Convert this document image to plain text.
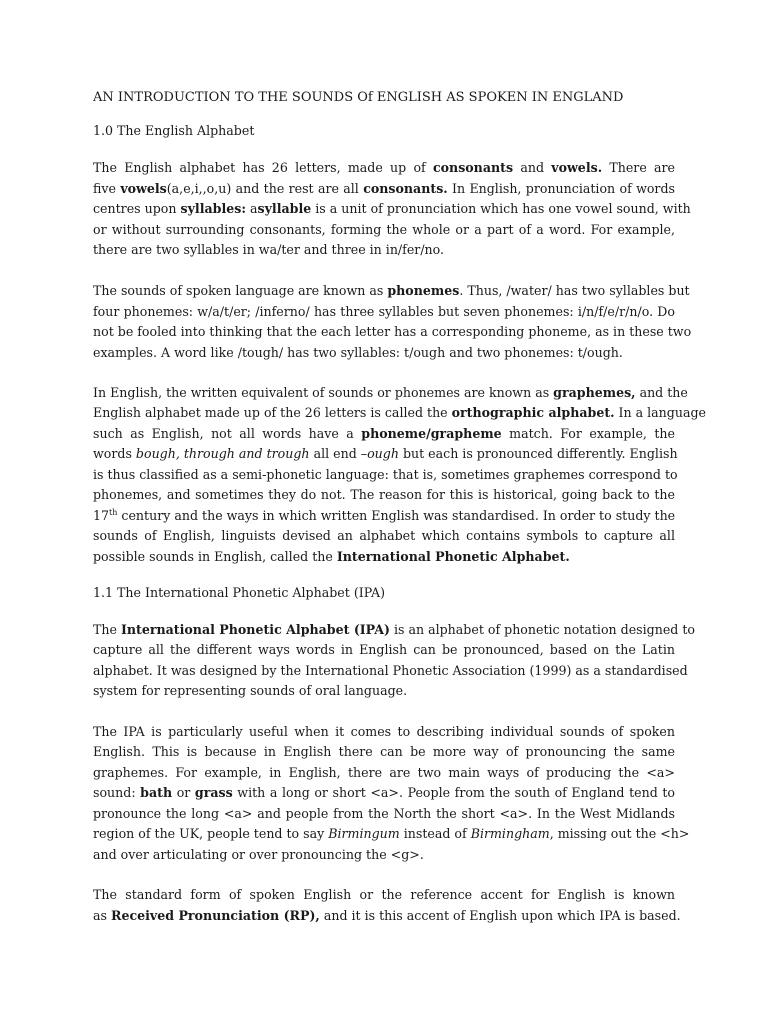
AN INTRODUCTION TO THE SOUNDS Of ENGLISH AS SPOKEN IN ENGLAND
1.0 The English Alphabet
The English alphabet has 26 letters, made up of consonants and vowels. There are
five vowels(a,e,i,,o,u) and the rest are all consonants. In English, pronunciation of words
centres upon syllables: asyllable is a unit of pronunciation which has one vowel sound, with
or without surrounding consonants, forming the whole or a part of a word. For example,
there are two syllables in wa/ter and three in in/fer/no.
The sounds of spoken language are known as phonemes. Thus, /water/ has two syllables but
four phonemes: w/a/t/er; /inferno/ has three syllables but seven phonemes: i/n/f/e/r/n/o. Do
not be fooled into thinking that the each letter has a corresponding phoneme, as in these two
examples. A word like /tough/ has two syllables: t/ough and two phonemes: t/ough.
In English, the written equivalent of sounds or phonemes are known as graphemes, and the
English alphabet made up of the 26 letters is called the orthographic alphabet. In a language
such as English, not all words have a phoneme/grapheme match. For example, the
words bough, through and trough all end –ough but each is pronounced differently. English
is thus classified as a semi-phonetic language: that is, sometimes graphemes correspond to
phonemes, and sometimes they do not. The reason for this is historical, going back to the
17th century and the ways in which written English was standardised. In order to study the
sounds of English, linguists devised an alphabet which contains symbols to capture all
possible sounds in English, called the International Phonetic Alphabet.
1.1 The International Phonetic Alphabet (IPA)
The International Phonetic Alphabet (IPA) is an alphabet of phonetic notation designed to
capture all the different ways words in English can be pronounced, based on the Latin
alphabet. It was designed by the International Phonetic Association (1999) as a standardised
system for representing sounds of oral language.
The IPA is particularly useful when it comes to describing individual sounds of spoken
English. This is because in English there can be more way of pronouncing the same
graphemes. For example, in English, there are two main ways of producing the <a>
sound: bath or grass with a long or short <a>. People from the south of England tend to
pronounce the long <a> and people from the North the short <a>. In the West Midlands
region of the UK, people tend to say Birmingum instead of Birmingham, missing out the <h>
and over articulating or over pronouncing the <g>.
The standard form of spoken English or the reference accent for English is known
as Received Pronunciation (RP), and it is this accent of English upon which IPA is based.
